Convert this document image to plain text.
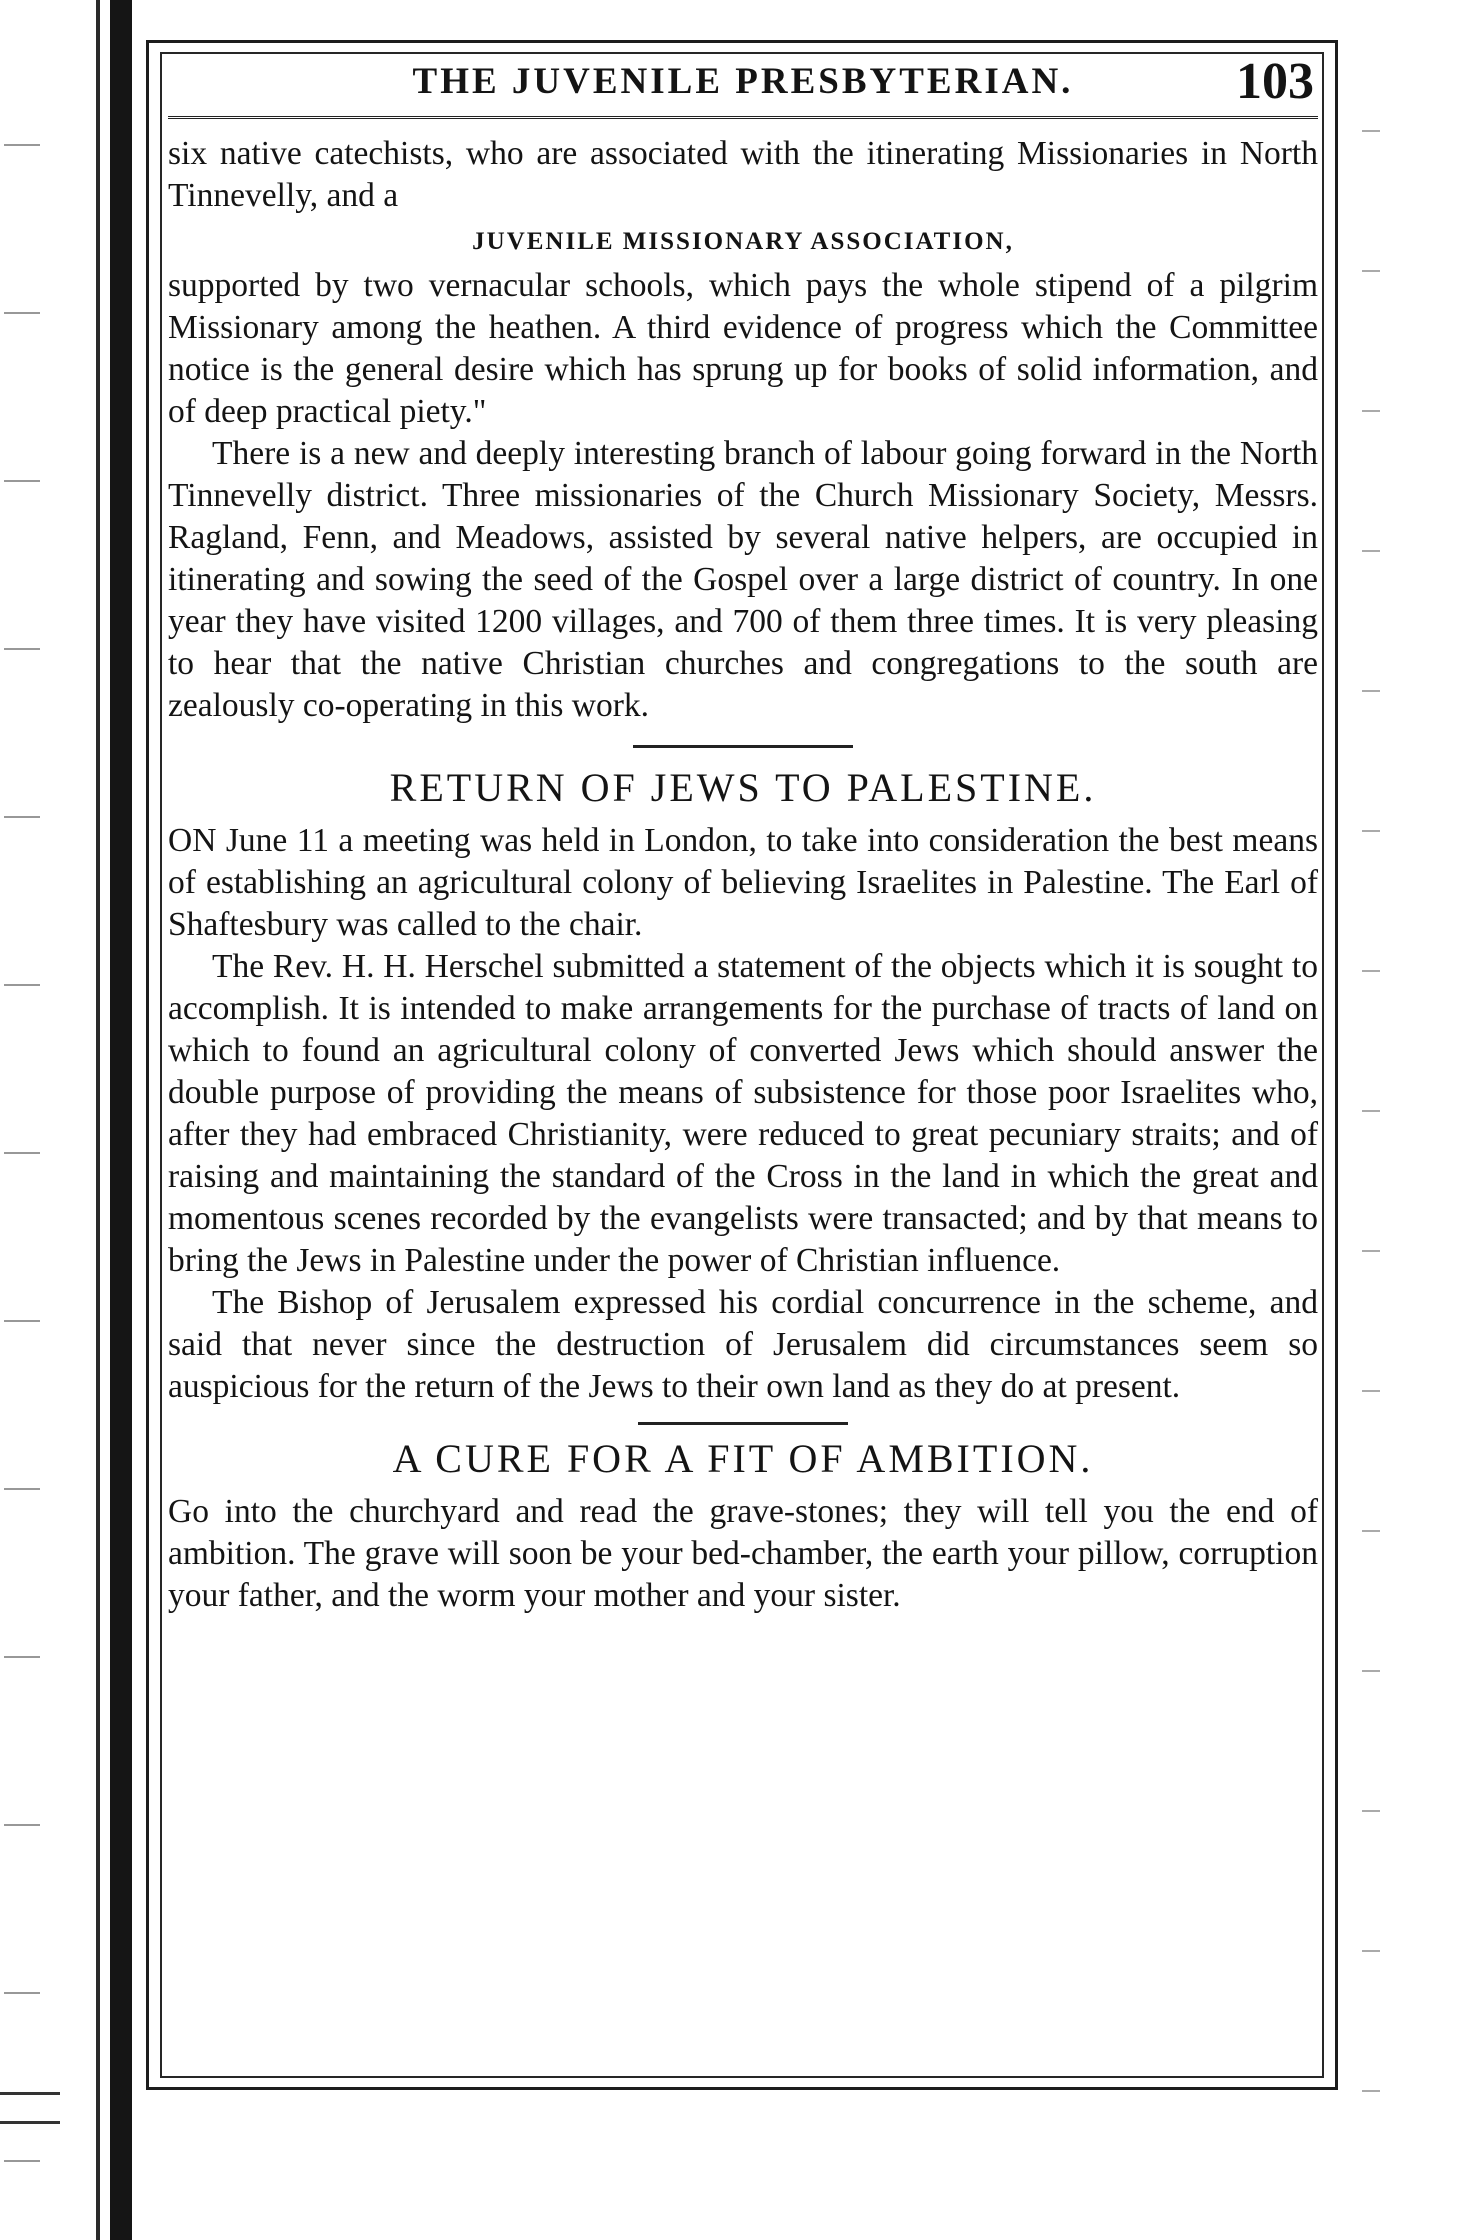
THE JUVENILE PRESBYTERIAN.	103

six native catechists, who are associated with the itinerating Missionaries in North Tinnevelly, and a

JUVENILE MISSIONARY ASSOCIATION,

supported by two vernacular schools, which pays the whole stipend of a pilgrim Missionary among the heathen. A third evidence of progress which the Committee notice is the general desire which has sprung up for books of solid information, and of deep practical piety."

There is a new and deeply interesting branch of labour going forward in the North Tinnevelly district. Three missionaries of the Church Missionary Society, Messrs. Ragland, Fenn, and Meadows, assisted by several native helpers, are occupied in itinerating and sowing the seed of the Gospel over a large district of country. In one year they have visited 1200 villages, and 700 of them three times. It is very pleasing to hear that the native Christian churches and congregations to the south are zealously co-operating in this work.

RETURN OF JEWS TO PALESTINE.

ON June 11 a meeting was held in London, to take into consideration the best means of establishing an agricultural colony of believing Israelites in Palestine. The Earl of Shaftesbury was called to the chair.

The Rev. H. H. Herschel submitted a statement of the objects which it is sought to accomplish. It is intended to make arrangements for the purchase of tracts of land on which to found an agricultural colony of converted Jews which should answer the double purpose of providing the means of subsistence for those poor Israelites who, after they had embraced Christianity, were reduced to great pecuniary straits; and of raising and maintaining the standard of the Cross in the land in which the great and momentous scenes recorded by the evangelists were transacted; and by that means to bring the Jews in Palestine under the power of Christian influence.

The Bishop of Jerusalem expressed his cordial concurrence in the scheme, and said that never since the destruction of Jerusalem did circumstances seem so auspicious for the return of the Jews to their own land as they do at present.

A CURE FOR A FIT OF AMBITION.

Go into the churchyard and read the grave-stones; they will tell you the end of ambition. The grave will soon be your bed-chamber, the earth your pillow, corruption your father, and the worm your mother and your sister.
